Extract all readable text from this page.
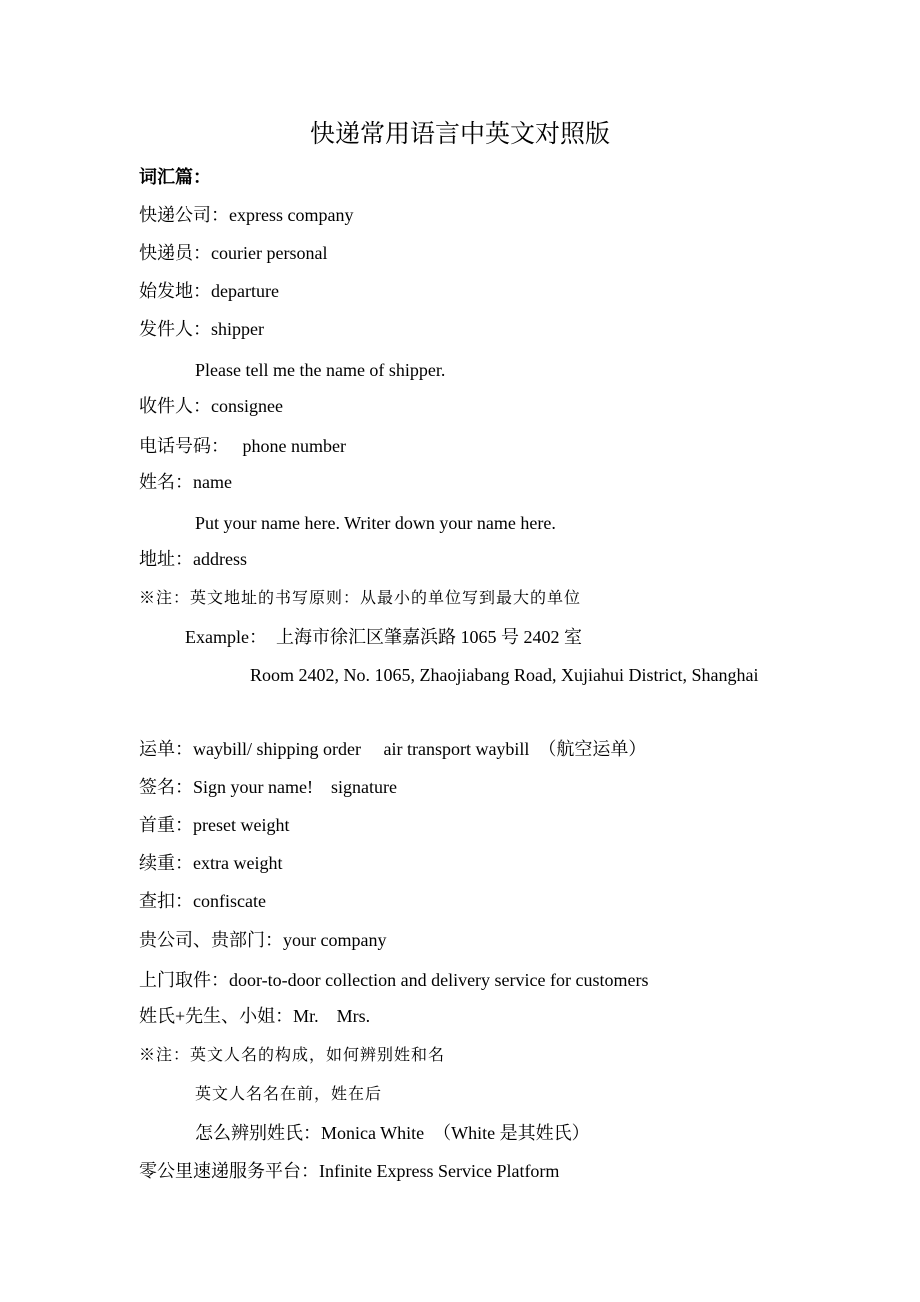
快递常用语言中英文对照版
词汇篇：
快递公司：express company
快递员：courier personal
始发地：departure
发件人：shipper
Please tell me the name of shipper.
收件人：consignee
电话号码：   phone number
姓名：name
Put your name here. Writer down your name here.
地址：address
※注：英文地址的书写原则：从最小的单位写到最大的单位
Example：  上海市徐汇区肇嘉浜路 1065 号 2402 室
Room 2402, No. 1065, Zhaojiabang Road, Xujiahui District, Shanghai
运单：waybill/ shipping order     air transport waybill  （航空运单）
签名：Sign your name!    signature
首重：preset weight
续重：extra weight
查扣：confiscate
贵公司、贵部门：your company
上门取件：door-to-door collection and delivery service for customers
姓氏+先生、小姐：Mr.    Mrs.
※注：英文人名的构成，如何辨别姓和名
英文人名名在前，姓在后
怎么辨别姓氏：Monica White  （White 是其姓氏）
零公里速递服务平台：Infinite Express Service Platform
